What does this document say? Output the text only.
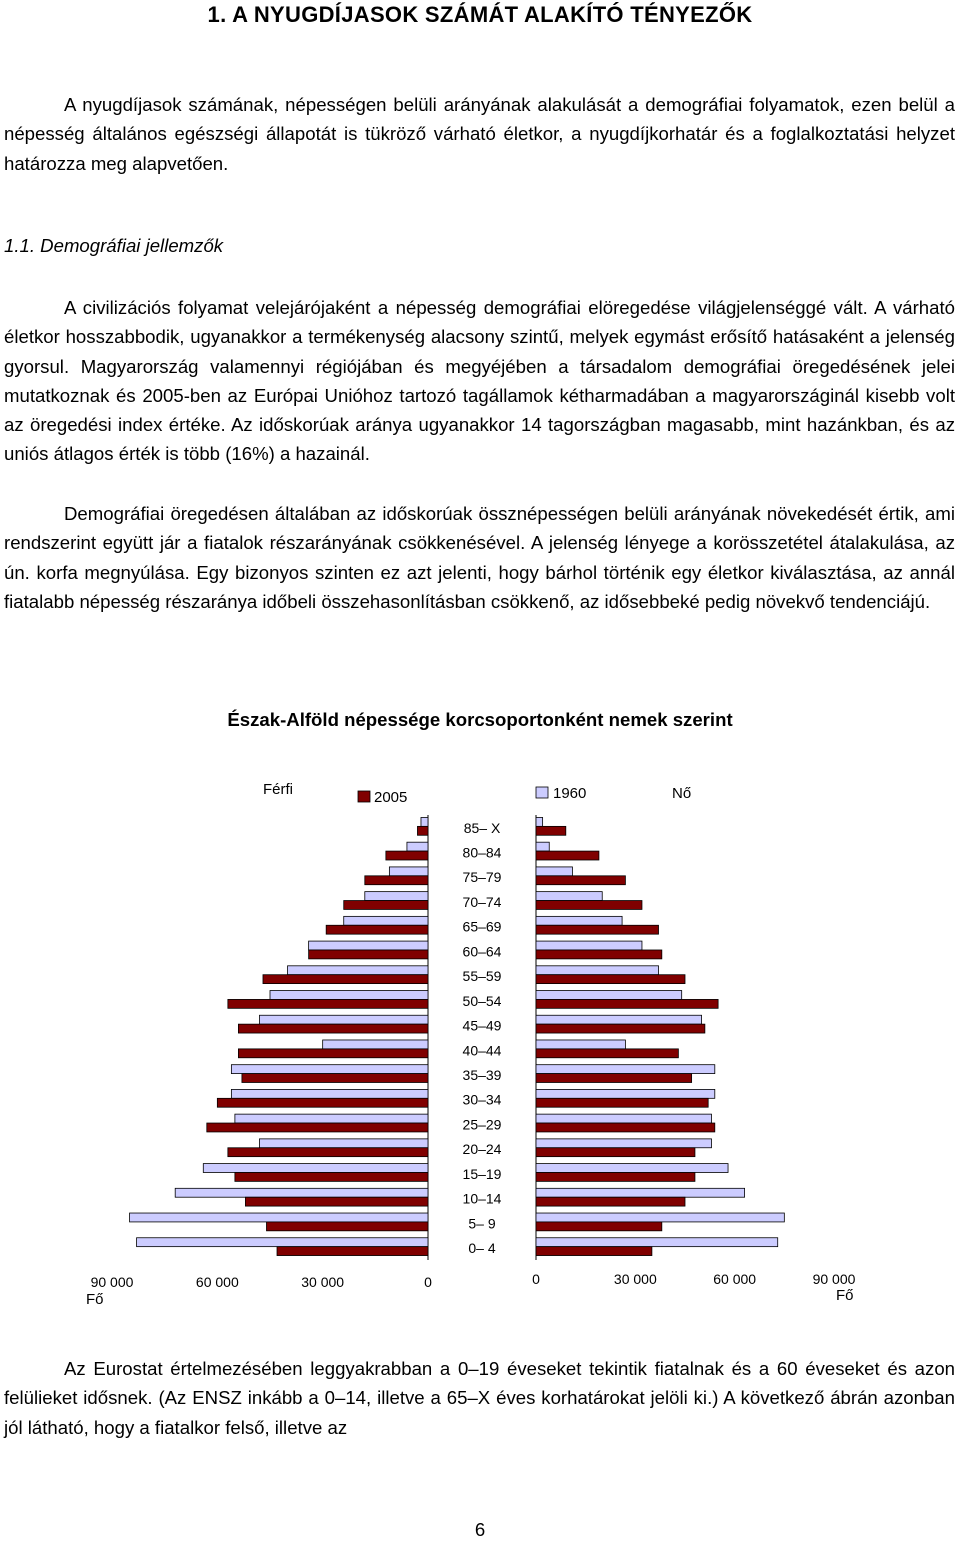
1. A NYUGDÍJASOK SZÁMÁT ALAKÍTÓ TÉNYEZŐK
A nyugdíjasok számának, népességen belüli arányának alakulását a demográfiai folyamatok, ezen belül a népesség általános egészségi állapotát is tükröző várható életkor, a nyugdíjkorhatár és a foglalkoztatási helyzet határozza meg alapvetően.
1.1. Demográfiai jellemzők
A civilizációs folyamat velejárójaként a népesség demográfiai elöregedése világjelenséggé vált. A várható életkor hosszabbodik, ugyanakkor a termékenység alacsony szintű, melyek egymást erősítő hatásaként a jelenség gyorsul. Magyarország valamennyi régiójában és megyéjében a társadalom demográfiai öregedésének jelei mutatkoznak és 2005-ben az Európai Unióhoz tartozó tagállamok kétharmadában a magyarországinál kisebb volt az öregedési index értéke. Az időskorúak aránya ugyanakkor 14 tagországban magasabb, mint hazánkban, és az uniós átlagos érték is több (16%) a hazainál.
Demográfiai öregedésen általában az időskorúak össznépességen belüli arányának növekedését értik, ami rendszerint együtt jár a fiatalok részarányának csökkenésével. A jelenség lényege a korösszetétel átalakulása, az ún. korfa megnyúlása. Egy bizonyos szinten ez azt jelenti, hogy bárhol történik egy életkor kiválasztása, az annál fiatalabb népesség részaránya időbeli összehasonlításban csökkenő, az idősebbeké pedig növekvő tendenciájú.
Észak-Alföld népessége korcsoportonként nemek szerint
85– X
80–84
75–79
70–74
65–69
60–64
55–59
50–54
45–49
40–44
35–39
30–34
25–29
20–24
15–19
10–14
5– 9
0– 4
Férfi	2005	1960	Nő
90 000	60 000	30 000	0	0	30 000	60 000	90 000
Fő	Fő
Az Eurostat értelmezésében leggyakrabban a 0–19 éveseket tekintik fiatalnak és a 60 éveseket és azon felülieket idősnek. (Az ENSZ inkább a 0–14, illetve a 65–X éves korhatárokat jelöli ki.) A következő ábrán azonban jól látható, hogy a fiatalkor felső, illetve az
6
